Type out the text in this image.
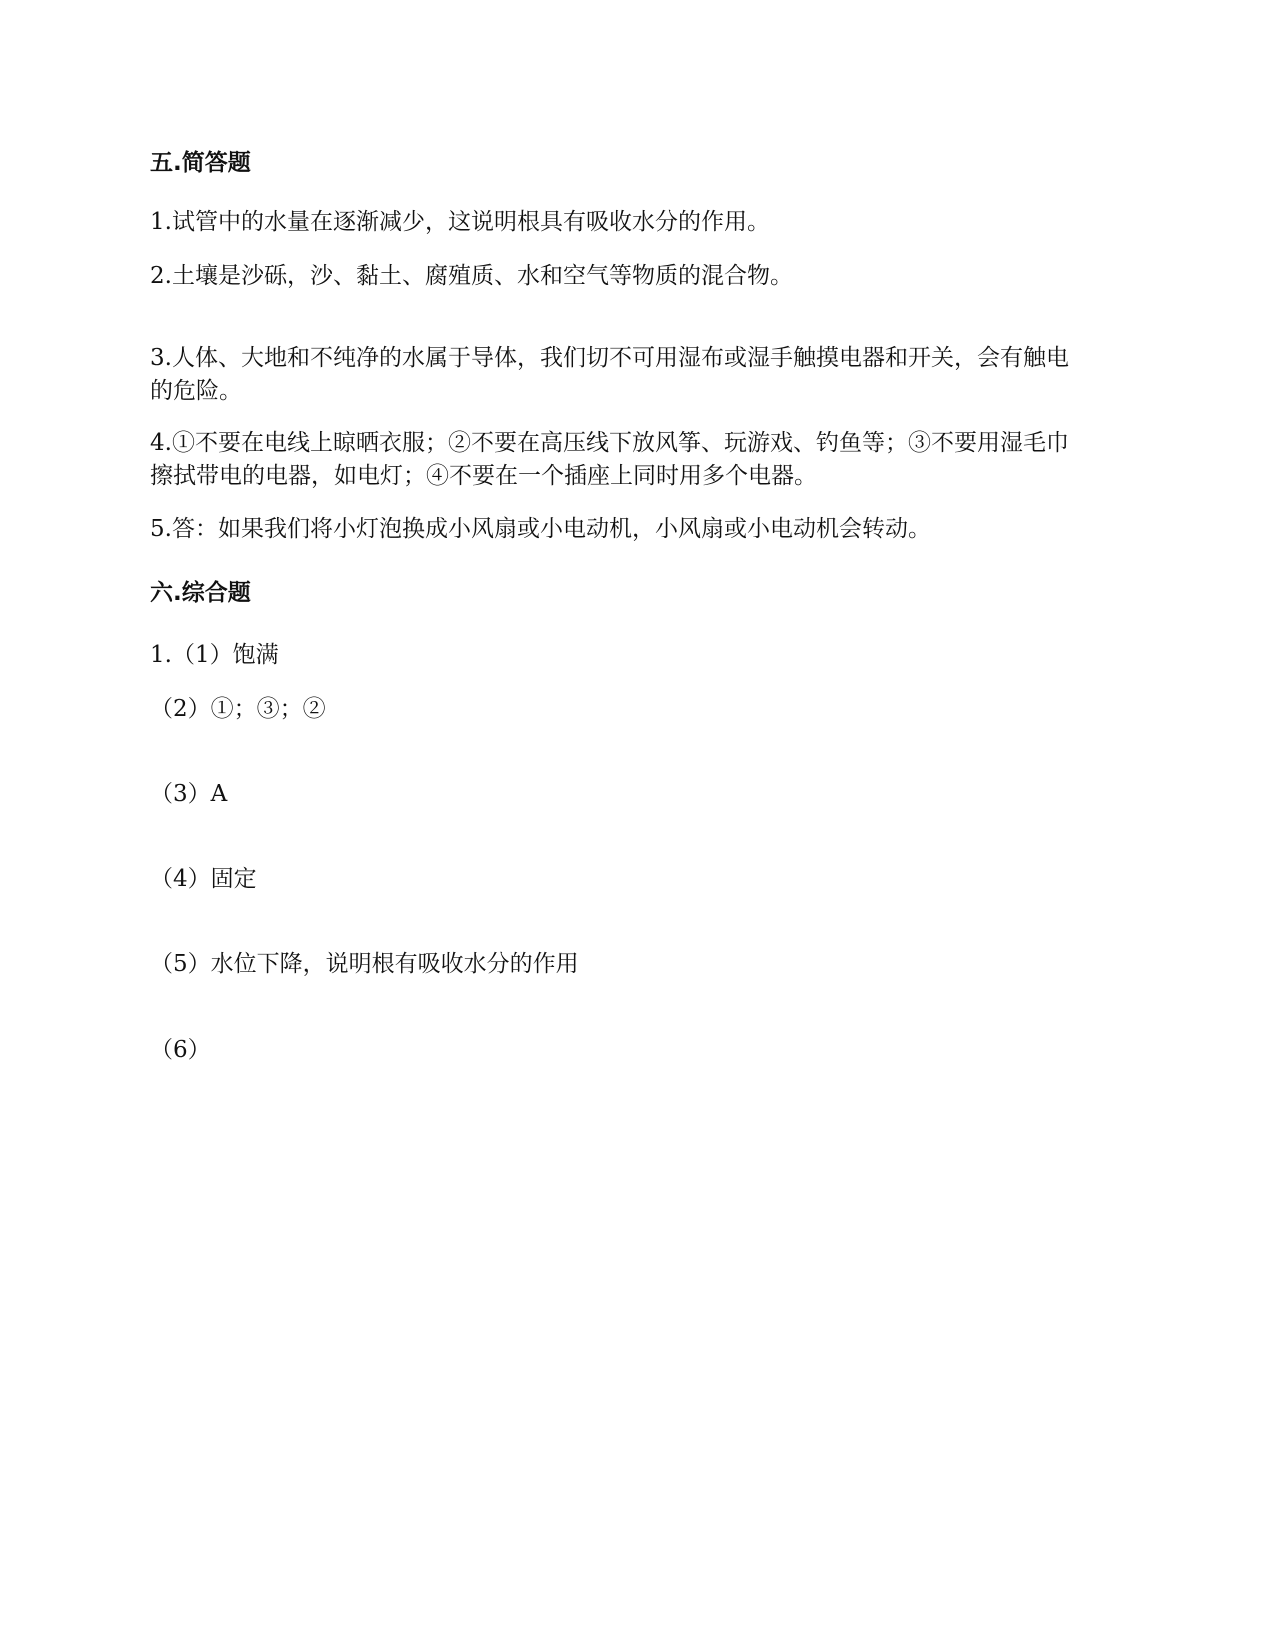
五.简答题
1.试管中的水量在逐渐减少，这说明根具有吸收水分的作用。
2.土壤是沙砾，沙、黏土、腐殖质、水和空气等物质的混合物。
3.人体、大地和不纯净的水属于导体，我们切不可用湿布或湿手触摸电器和开关，会有触电的危险。
4.①不要在电线上晾晒衣服；②不要在高压线下放风筝、玩游戏、钓鱼等；③不要用湿毛巾擦拭带电的电器，如电灯；④不要在一个插座上同时用多个电器。
5.答：如果我们将小灯泡换成小风扇或小电动机，小风扇或小电动机会转动。
六.综合题
1.（1）饱满
（2）①；③；②
（3）A
（4）固定
（5）水位下降，说明根有吸收水分的作用
（6）
